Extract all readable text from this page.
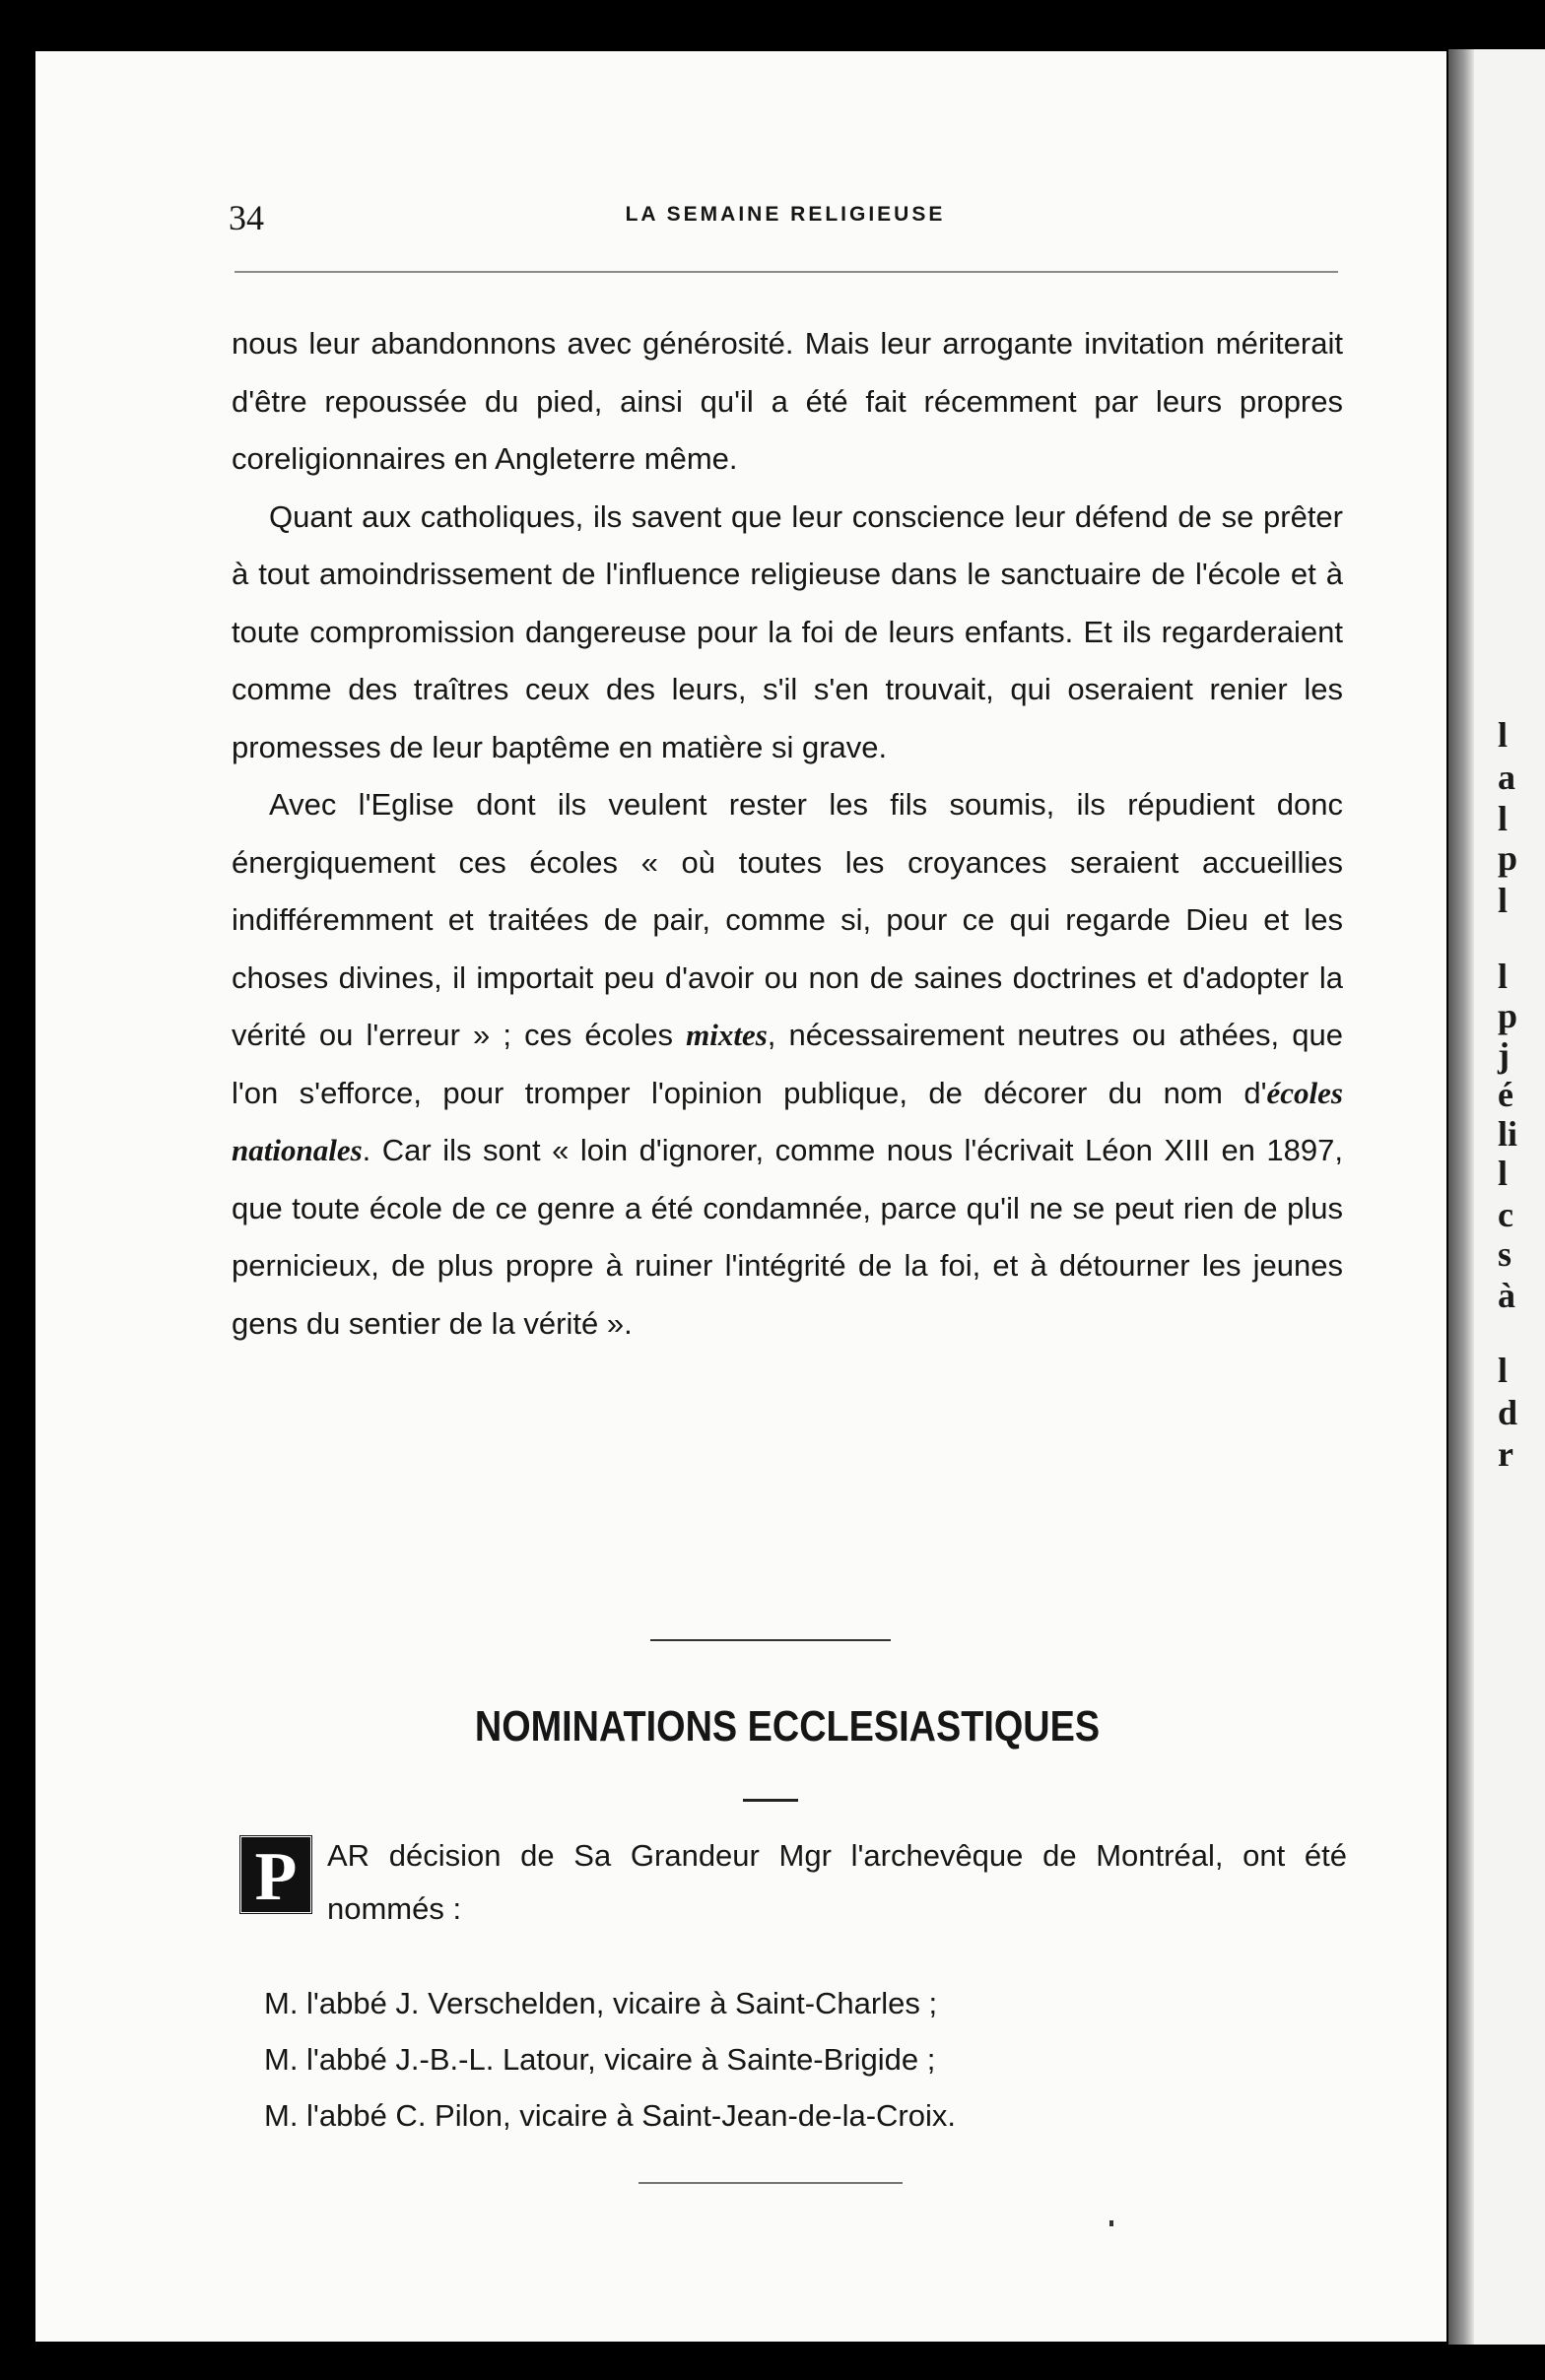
l
a
l
p
l
l
p
j
é
li
l
c
s
à
l
d
r
34	LA SEMAINE RELIGIEUSE

nous leur abandonnons avec générosité. Mais leur arrogante invitation mériterait d'être repoussée du pied, ainsi qu'il a été fait récemment par leurs propres coreligionnaires en Angleterre même.

Quant aux catholiques, ils savent que leur conscience leur défend de se prêter à tout amoindrissement de l'influence religieuse dans le sanctuaire de l'école et à toute compromission dangereuse pour la foi de leurs enfants. Et ils regarderaient comme des traîtres ceux des leurs, s'il s'en trouvait, qui oseraient renier les promesses de leur baptême en matière si grave.

Avec l'Eglise dont ils veulent rester les fils soumis, ils répudient donc énergiquement ces écoles « où toutes les croyances seraient accueillies indifféremment et traitées de pair, comme si, pour ce qui regarde Dieu et les choses divines, il importait peu d'avoir ou non de saines doctrines et d'adopter la vérité ou l'erreur » ; ces écoles mixtes, nécessairement neutres ou athées, que l'on s'efforce, pour tromper l'opinion publique, de décorer du nom d'écoles nationales. Car ils sont « loin d'ignorer, comme nous l'écrivait Léon XIII en 1897, que toute école de ce genre a été condamnée, parce qu'il ne se peut rien de plus pernicieux, de plus propre à ruiner l'intégrité de la foi, et à détourner les jeunes gens du sentier de la vérité ».

NOMINATIONS ECCLESIASTIQUES
P AR décision de Sa Grandeur Mgr l'archevêque de Montréal, ont été nommés :

M. l'abbé J. Verschelden, vicaire à Saint-Charles ;
M. l'abbé J.-B.-L. Latour, vicaire à Sainte-Brigide ;
M. l'abbé C. Pilon, vicaire à Saint-Jean-de-la-Croix.
